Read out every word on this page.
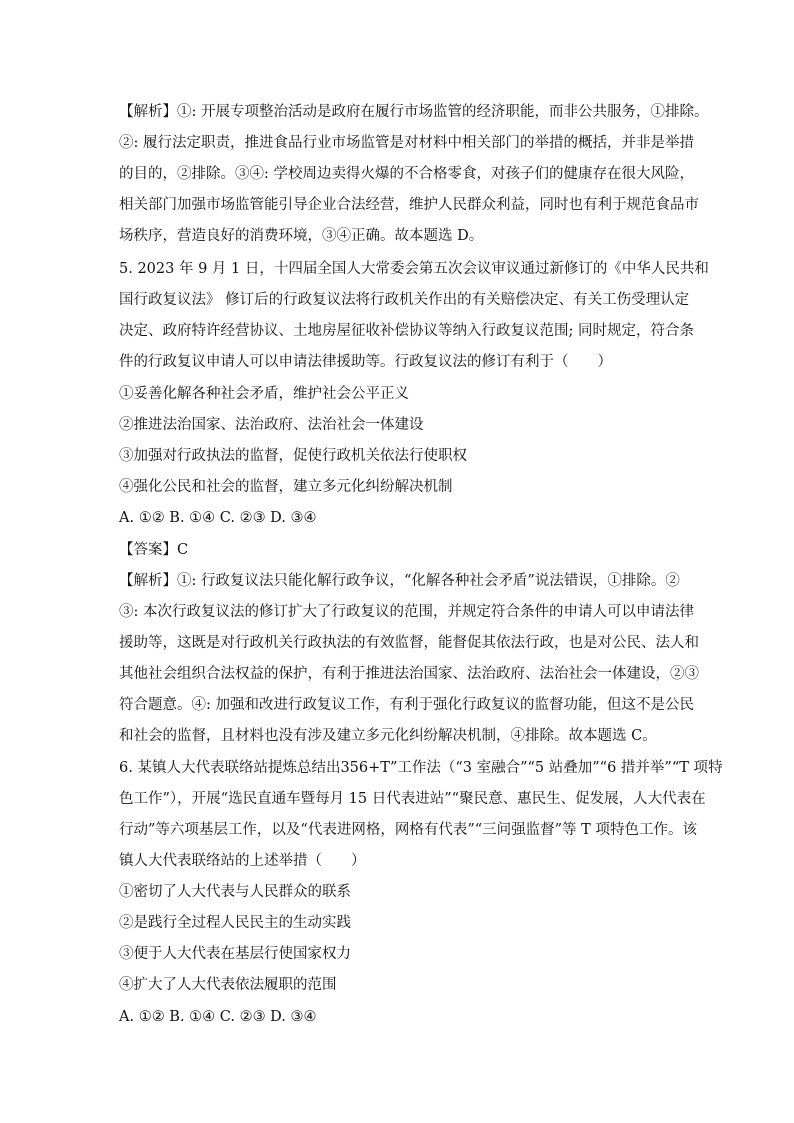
【解析】①: 开展专项整治活动是政府在履行市场监管的经济职能，而非公共服务，①排除。
②: 履行法定职责，推进食品行业市场监管是对材料中相关部门的举措的概括，并非是举措
的目的，②排除。③④: 学校周边卖得火爆的不合格零食，对孩子们的健康存在很大风险，
相关部门加强市场监管能引导企业合法经营，维护人民群众利益，同时也有利于规范食品市
场秩序，营造良好的消费环境，③④正确。故本题选 D。
5. 2023 年 9 月 1 日，十四届全国人大常委会第五次会议审议通过新修订的《中华人民共和
国行政复议法》 修订后的行政复议法将行政机关作出的有关赔偿决定、有关工伤受理认定
决定、政府特许经营协议、土地房屋征收补偿协议等纳入行政复议范围; 同时规定，符合条
件的行政复议申请人可以申请法律援助等。行政复议法的修订有利于（　　）
①妥善化解各种社会矛盾，维护社会公平正义
②推进法治国家、法治政府、法治社会一体建设
③加强对行政执法的监督，促使行政机关依法行使职权
④强化公民和社会的监督，建立多元化纠纷解决机制
A. ①② B. ①④ C. ②③ D. ③④
【答案】C
【解析】①: 行政复议法只能化解行政争议，“化解各种社会矛盾”说法错误，①排除。②
③: 本次行政复议法的修订扩大了行政复议的范围，并规定符合条件的申请人可以申请法律
援助等，这既是对行政机关行政执法的有效监督，能督促其依法行政，也是对公民、法人和
其他社会组织合法权益的保护，有利于推进法治国家、法治政府、法治社会一体建设，②③
符合题意。④: 加强和改进行政复议工作，有利于强化行政复议的监督功能，但这不是公民
和社会的监督，且材料也没有涉及建立多元化纠纷解决机制，④排除。故本题选 C。
6. 某镇人大代表联络站提炼总结出356+T”工作法（“3 室融合”“5 站叠加”“6 措并举”“T 项特
色工作”），开展“选民直通车暨每月 15 日代表进站”“聚民意、惠民生、促发展，人大代表在
行动”等六项基层工作，以及“代表进网格，网格有代表”“三问强监督”等 T 项特色工作。该
镇人大代表联络站的上述举措（　　）
①密切了人大代表与人民群众的联系
②是践行全过程人民民主的生动实践
③便于人大代表在基层行使国家权力
④扩大了人大代表依法履职的范围
A. ①② B. ①④ C. ②③ D. ③④
